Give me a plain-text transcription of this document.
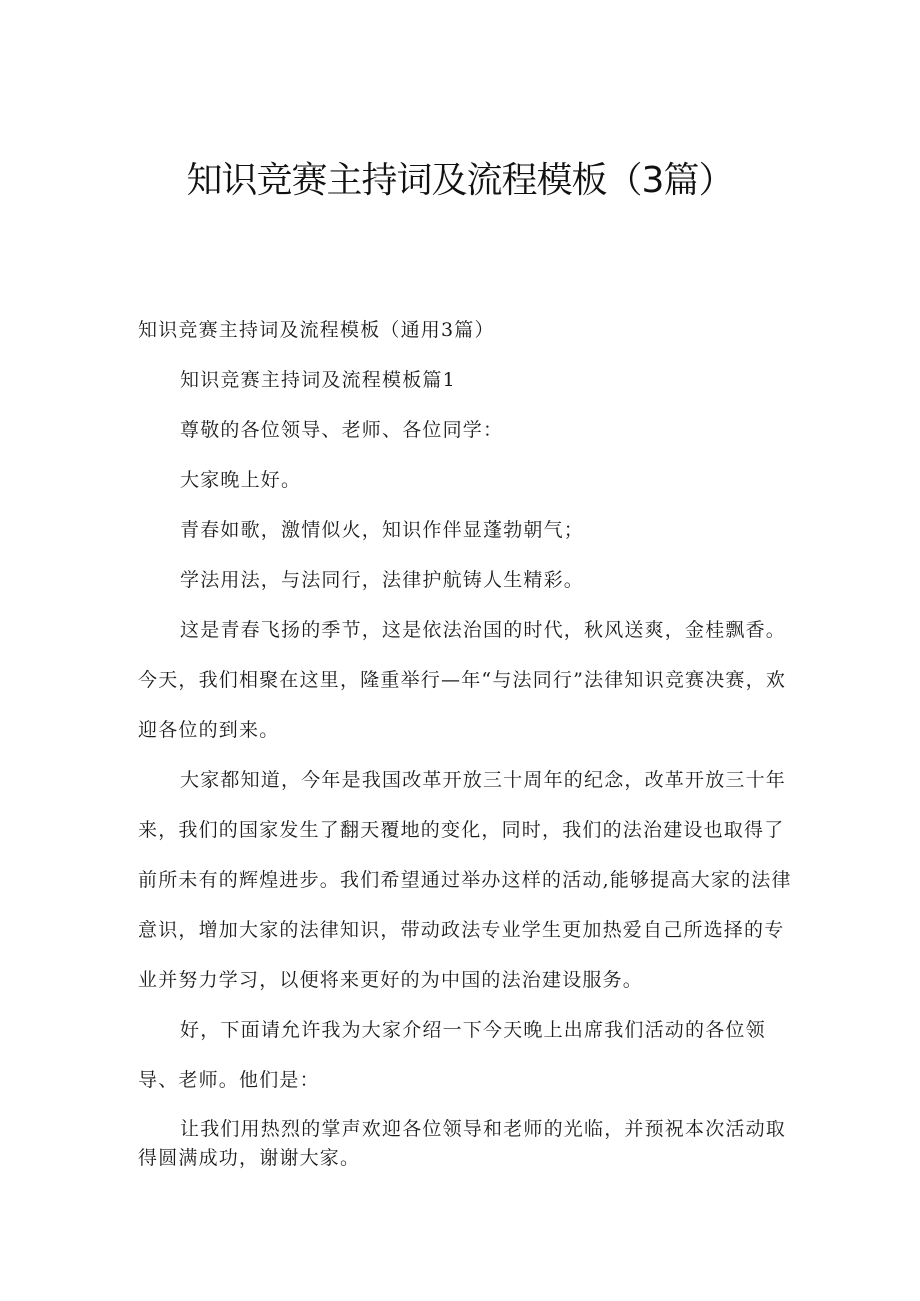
知识竞赛主持词及流程模板（3篇）

知识竞赛主持词及流程模板（通用3篇）

知识竞赛主持词及流程模板篇1

尊敬的各位领导、老师、各位同学：

大家晚上好。

青春如歌，激情似火，知识作伴显蓬勃朝气；

学法用法，与法同行，法律护航铸人生精彩。

这是青春飞扬的季节，这是依法治国的时代，秋风送爽，金桂飘香。今天，我们相聚在这里，隆重举行—年“与法同行”法律知识竞赛决赛，欢迎各位的到来。

大家都知道，今年是我国改革开放三十周年的纪念，改革开放三十年来，我们的国家发生了翻天覆地的变化，同时，我们的法治建设也取得了前所未有的辉煌进步。我们希望通过举办这样的活动,能够提高大家的法律意识，增加大家的法律知识，带动政法专业学生更加热爱自己所选择的专业并努力学习，以便将来更好的为中国的法治建设服务。

好，下面请允许我为大家介绍一下今天晚上出席我们活动的各位领导、老师。他们是：

让我们用热烈的掌声欢迎各位领导和老师的光临，并预祝本次活动取得圆满成功，谢谢大家。
